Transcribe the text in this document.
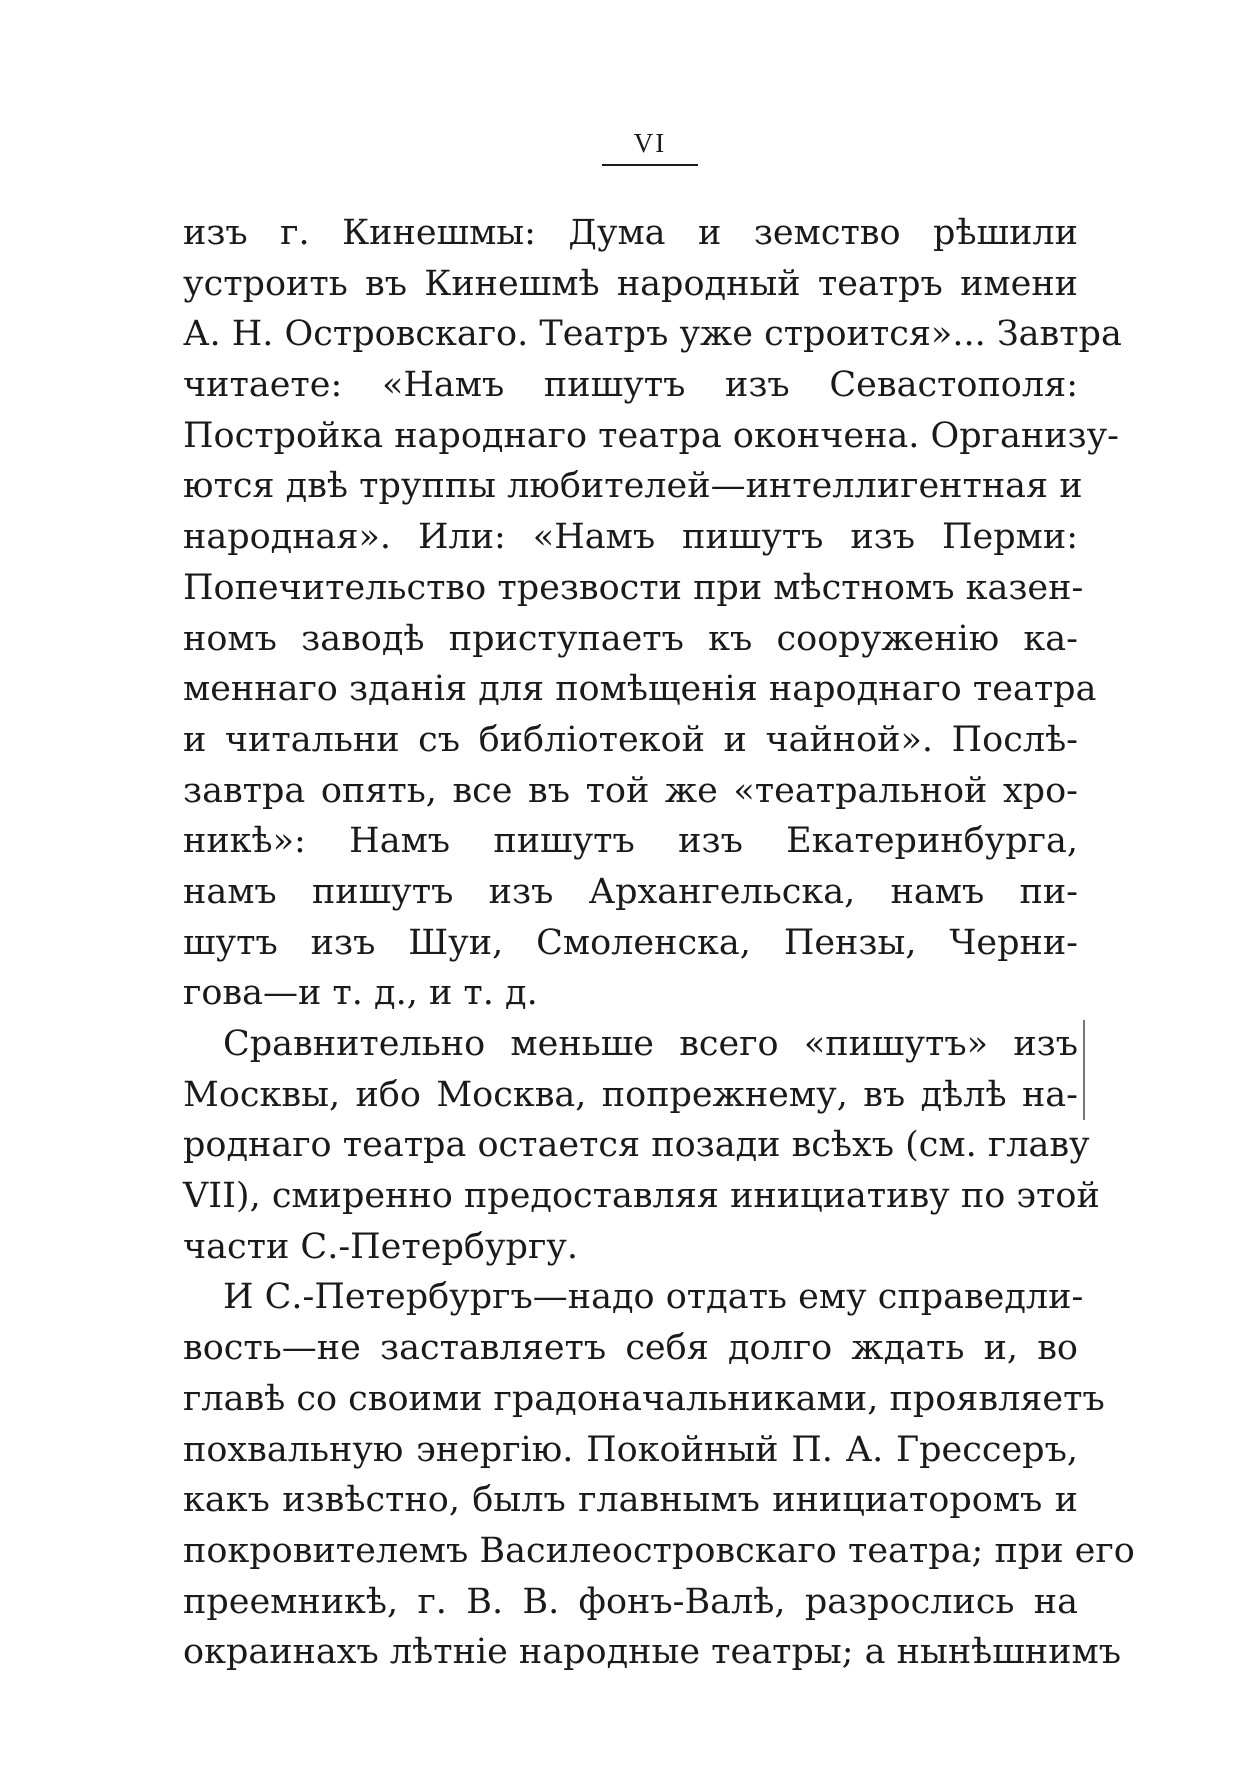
VI
изъ г. Кинешмы: Дума и земство рѣшили
устроить въ Кинешмѣ народный театръ имени
А. Н. Островскаго. Театръ уже строится»... Завтра
читаете: «Намъ пишутъ изъ Севастополя:
Постройка народнаго театра окончена. Организу-
ются двѣ труппы любителей—интеллигентная и
народная». Или: «Намъ пишутъ изъ Перми:
Попечительство трезвости при мѣстномъ казен-
номъ заводѣ приступаетъ къ сооруженію ка-
меннаго зданія для помѣщенія народнаго театра
и читальни съ библіотекой и чайной». Послѣ-
завтра опять, все въ той же «театральной хро-
никѣ»: Намъ пишутъ изъ Екатеринбурга,
намъ пишутъ изъ Архангельска, намъ пи-
шутъ изъ Шуи, Смоленска, Пензы, Черни-
гова—и т. д., и т. д.
Сравнительно меньше всего «пишутъ» изъ
Москвы, ибо Москва, попрежнему, въ дѣлѣ на-
роднаго театра остается позади всѣхъ (см. главу
VII), смиренно предоставляя инициативу по этой
части С.-Петербургу.
И С.-Петербургъ—надо отдать ему справедли-
вость—не заставляетъ себя долго ждать и, во
главѣ со своими градоначальниками, проявляетъ
похвальную энергію. Покойный П. А. Грессеръ,
какъ извѣстно, былъ главнымъ инициаторомъ и
покровителемъ Василеостровскаго театра; при его
преемникѣ, г. В. В. фонъ-Валѣ, разрослись на
окраинахъ лѣтніе народные театры; а нынѣшнимъ
